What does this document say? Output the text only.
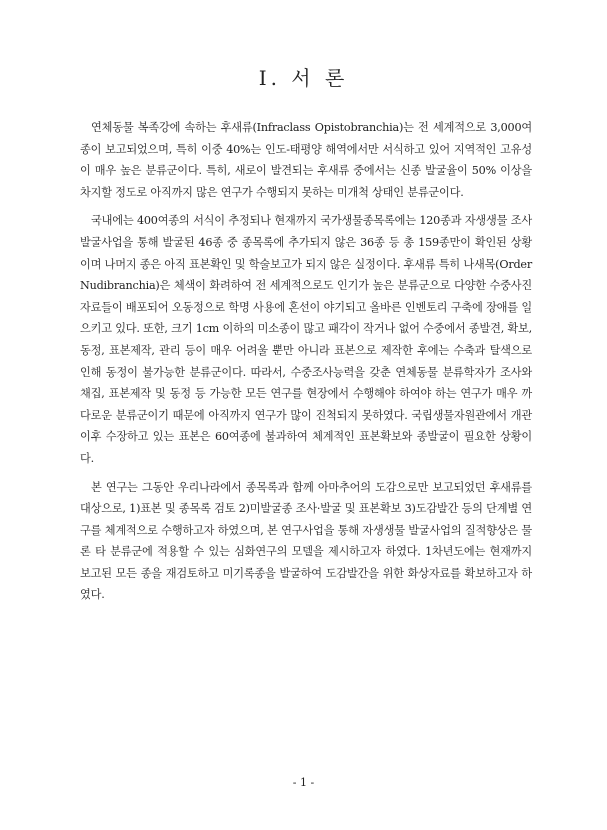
Ⅰ. 서 론

연체동물 복족강에 속하는 후새류(Infraclass Opistobranchia)는 전 세계적으로 3,000여 종이 보고되었으며, 특히 이중 40%는 인도-태평양 해역에서만 서식하고 있어 지역적인 고유성이 매우 높은 분류군이다. 특히, 새로이 발견되는 후새류 중에서는 신종 발굴율이 50% 이상을 차지할 정도로 아직까지 많은 연구가 수행되지 못하는 미개척 상태인 분류군이다.

국내에는 400여종의 서식이 추정되나 현재까지 국가생물종목록에는 120종과 자생생물 조사발굴사업을 통해 발굴된 46종 중 종목록에 추가되지 않은 36종 등 총 159종만이 확인된 상황이며 나머지 종은 아직 표본확인 및 학술보고가 되지 않은 실정이다. 후새류 특히 나새목(Order Nudibranchia)은 체색이 화려하여 전 세계적으로도 인기가 높은 분류군으로 다양한 수중사진 자료들이 배포되어 오동정으로 학명 사용에 혼선이 야기되고 올바른 인벤토리 구축에 장애를 일으키고 있다. 또한, 크기 1cm 이하의 미소종이 많고 패각이 작거나 없어 수중에서 종발견, 확보, 동정, 표본제작, 관리 등이 매우 어려울 뿐만 아니라 표본으로 제작한 후에는 수축과 탈색으로 인해 동정이 불가능한 분류군이다. 따라서, 수중조사능력을 갖춘 연체동물 분류학자가 조사와 채집, 표본제작 및 동정 등 가능한 모든 연구를 현장에서 수행해야 하여야 하는 연구가 매우 까다로운 분류군이기 때문에 아직까지 연구가 많이 진척되지 못하였다. 국립생물자원관에서 개관이후 수장하고 있는 표본은 60여종에 불과하여 체계적인 표본확보와 종발굴이 필요한 상황이다.

본 연구는 그동안 우리나라에서 종목록과 함께 아마추어의 도감으로만 보고되었던 후새류를 대상으로, 1)표본 및 종목록 검토 2)미발굴종 조사·발굴 및 표본확보 3)도감발간 등의 단계별 연구를 체계적으로 수행하고자 하였으며, 본 연구사업을 통해 자생생물 발굴사업의 질적향상은 물론 타 분류군에 적용할 수 있는 심화연구의 모델을 제시하고자 하였다. 1차년도에는 현재까지 보고된 모든 종을 재검토하고 미기록종을 발굴하여 도감발간을 위한 화상자료를 확보하고자 하였다.

- 1 -
